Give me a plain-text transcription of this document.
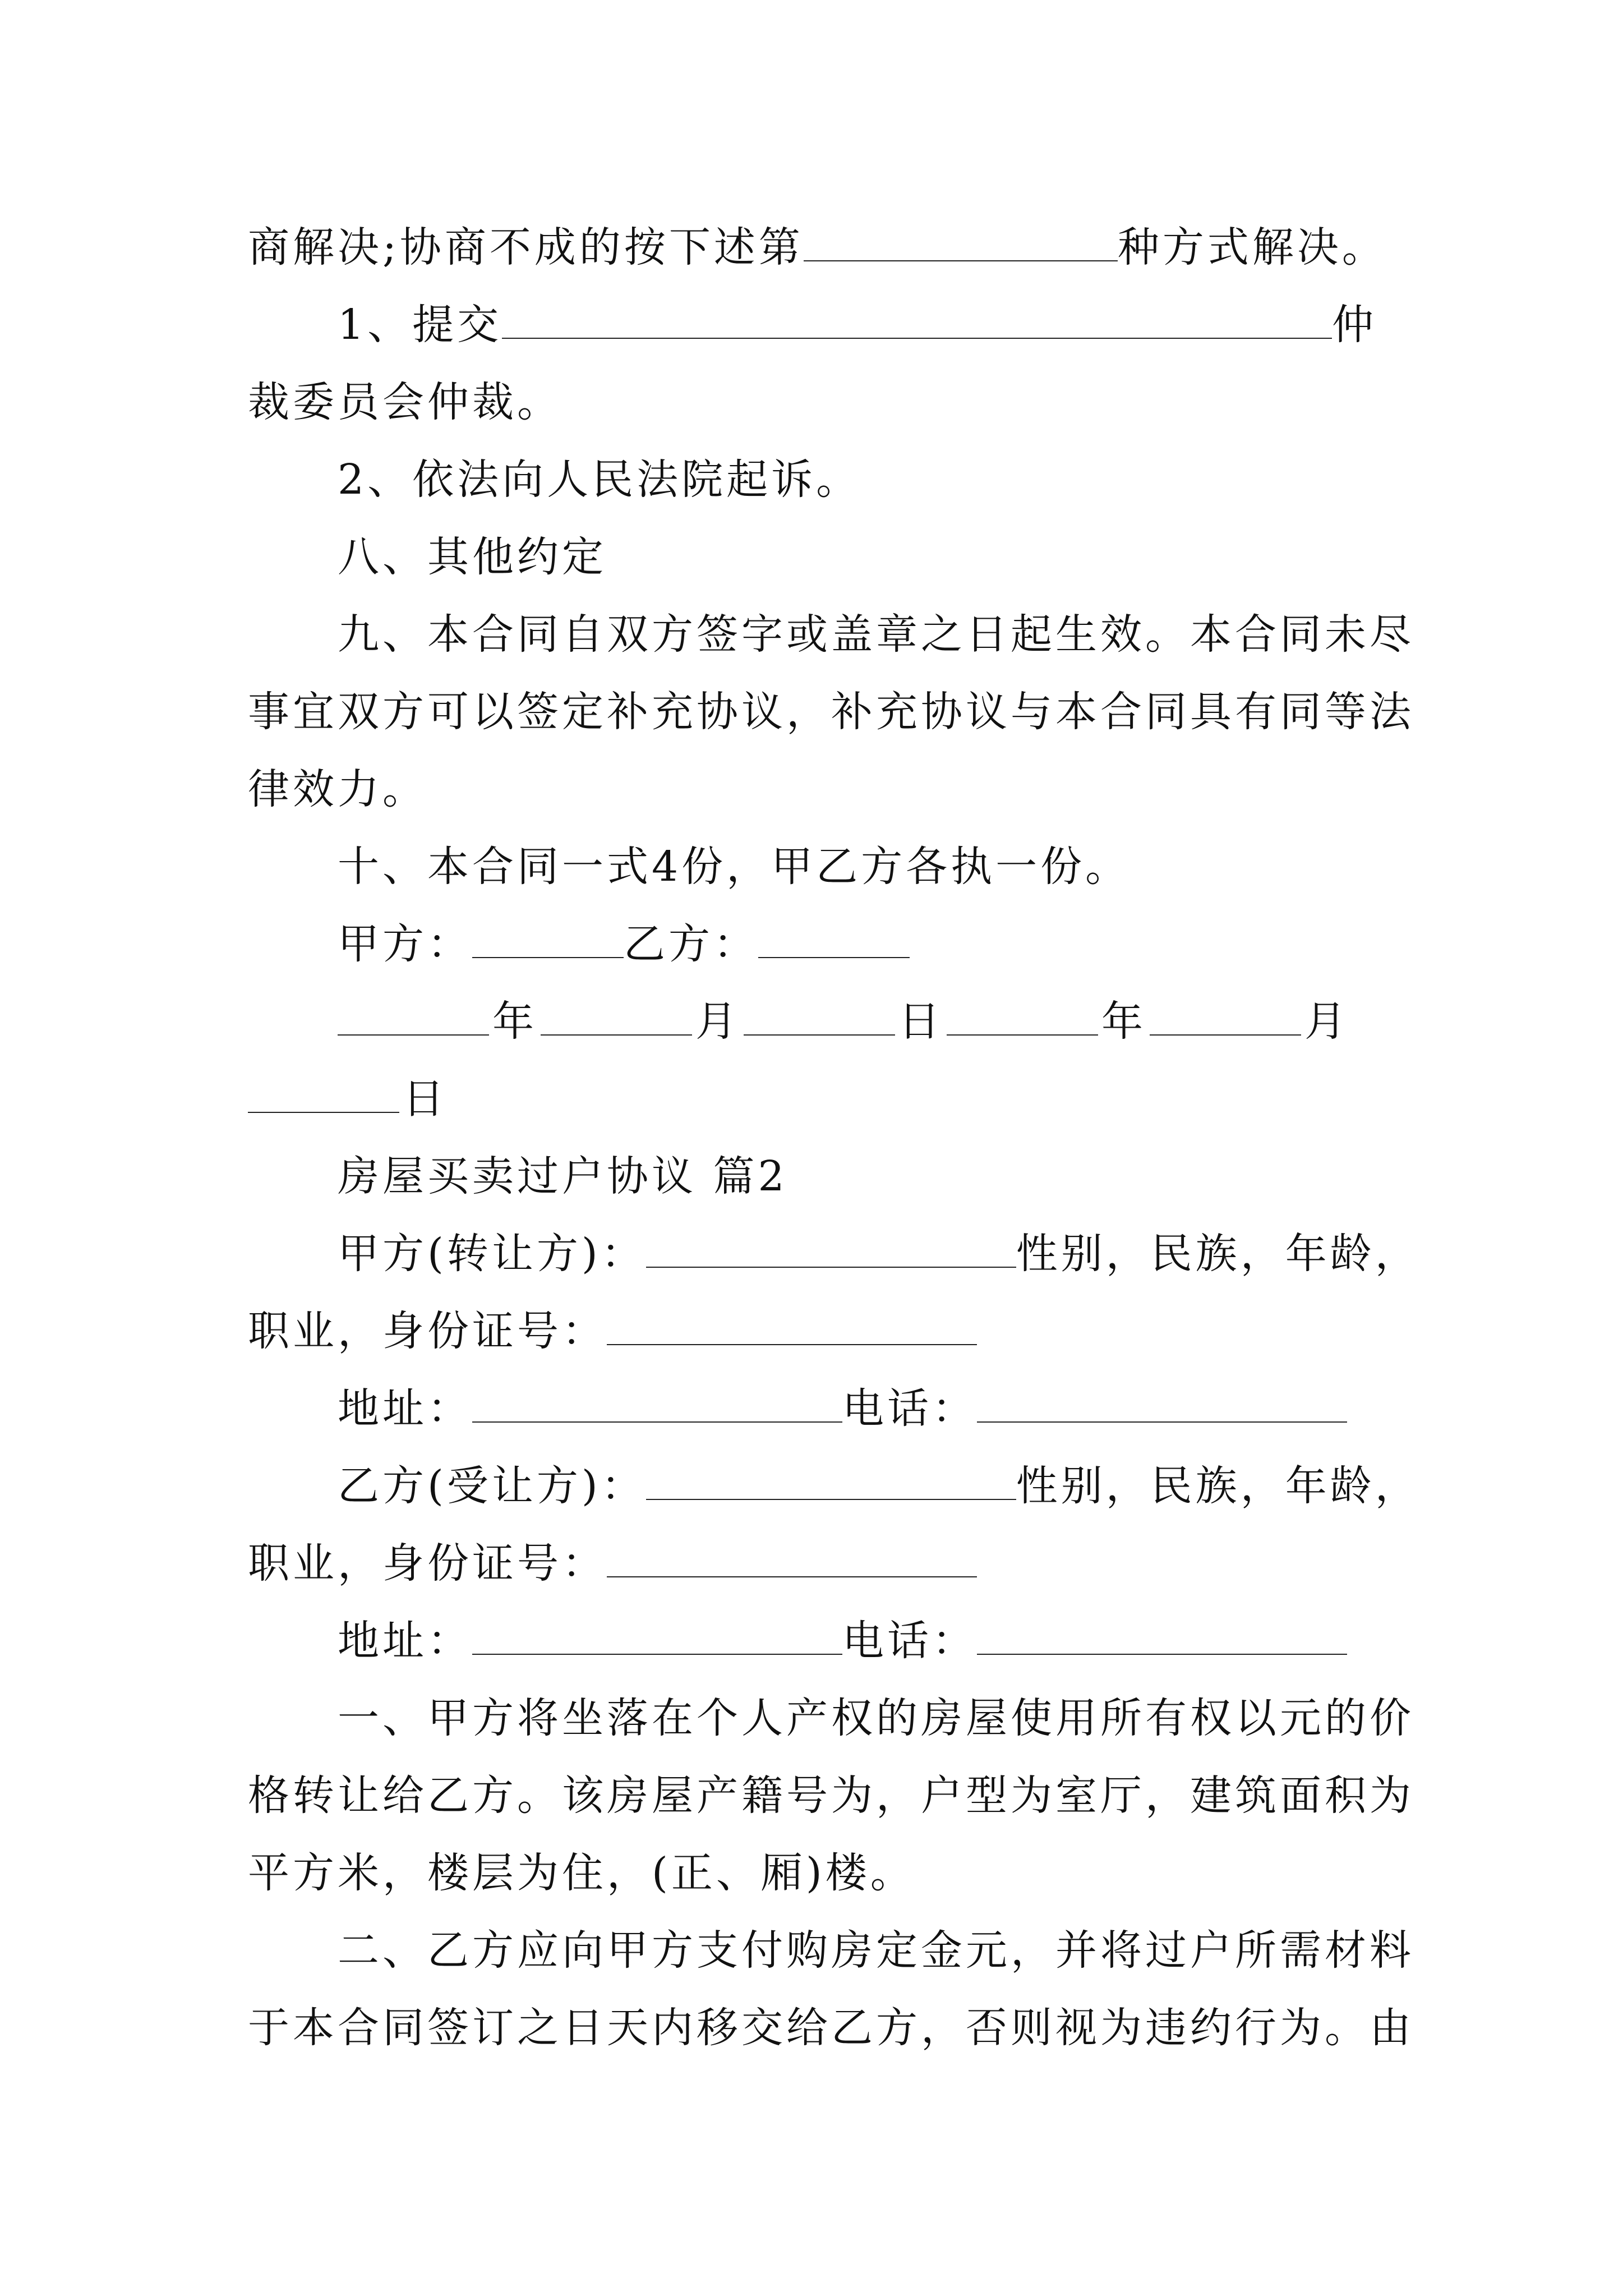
商解决;协商不成的按下述第	种方式解决。
1、提交	仲
裁委员会仲裁。
2、依法向人民法院起诉。
八、其他约定
九、本合同自双方签字或盖章之日起生效。本合同未尽
事宜双方可以签定补充协议，补充协议与本合同具有同等法
律效力。
十、本合同一式4份，甲乙方各执一份。
甲方：	乙方：
年	月	日	年	月
日
房屋买卖过户协议 篇2
甲方(转让方)：	性别，民族，年龄，
职业，身份证号：
地址：	电话：
乙方(受让方)：	性别，民族，年龄，
职业，身份证号：
地址：	电话：
一、甲方将坐落在个人产权的房屋使用所有权以元的价
格转让给乙方。该房屋产籍号为，户型为室厅，建筑面积为
平方米，楼层为住，(正、厢)楼。
二、乙方应向甲方支付购房定金元，并将过户所需材料
于本合同签订之日天内移交给乙方，否则视为违约行为。由
